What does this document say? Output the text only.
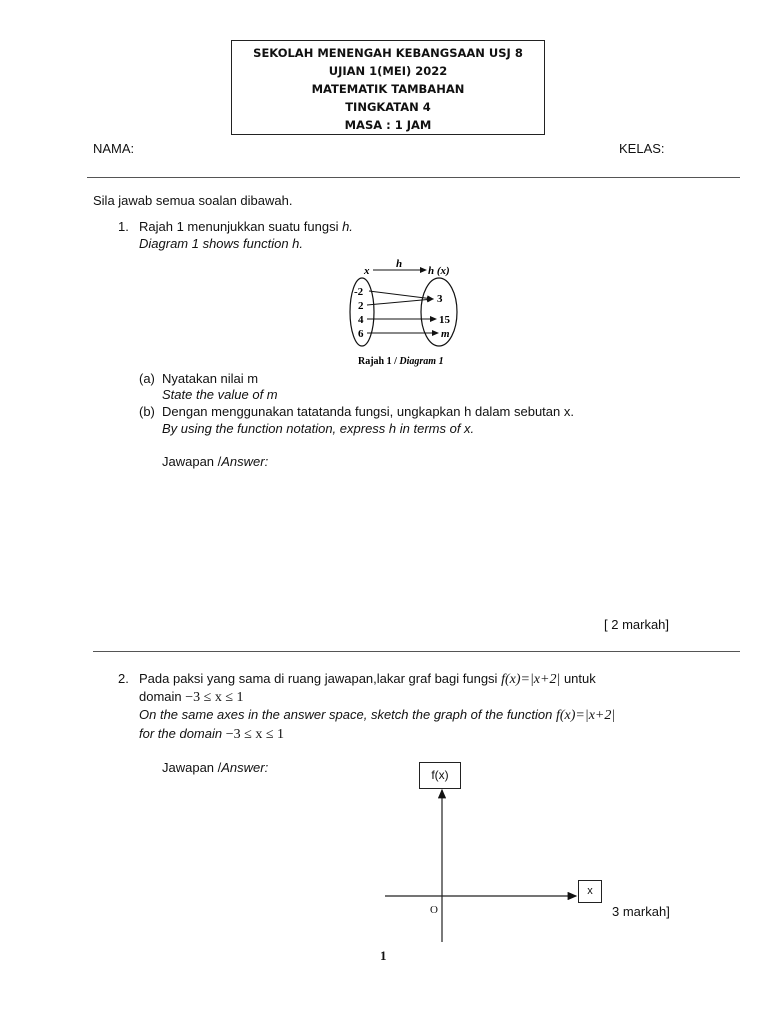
SEKOLAH MENENGAH KEBANGSAAN USJ 8
UJIAN 1(MEI) 2022
MATEMATIK TAMBAHAN
TINGKATAN 4
MASA : 1 JAM
NAMA:	KELAS:
Sila jawab semua soalan dibawah.
1. Rajah 1 menunjukkan suatu fungsi h.
Diagram 1 shows function h.
x
h
h (x)
-2
2
4
6
3
15
m
Rajah 1 / Diagram 1
(a) Nyatakan nilai m
State the value of m
(b) Dengan menggunakan tatatanda fungsi, ungkapkan h dalam sebutan x.
By using the function notation, express h in terms of x.
Jawapan /Answer:
[ 2 markah]
2. Pada paksi yang sama di ruang jawapan,lakar graf bagi fungsi f(x)=|x+2| untuk
domain −3 ≤ x ≤ 1
On the same axes in the answer space, sketch the graph of the function f(x)=|x+2|
for the domain −3 ≤ x ≤ 1
Jawapan /Answer:	f(x)
x
O	3 markah]
1
